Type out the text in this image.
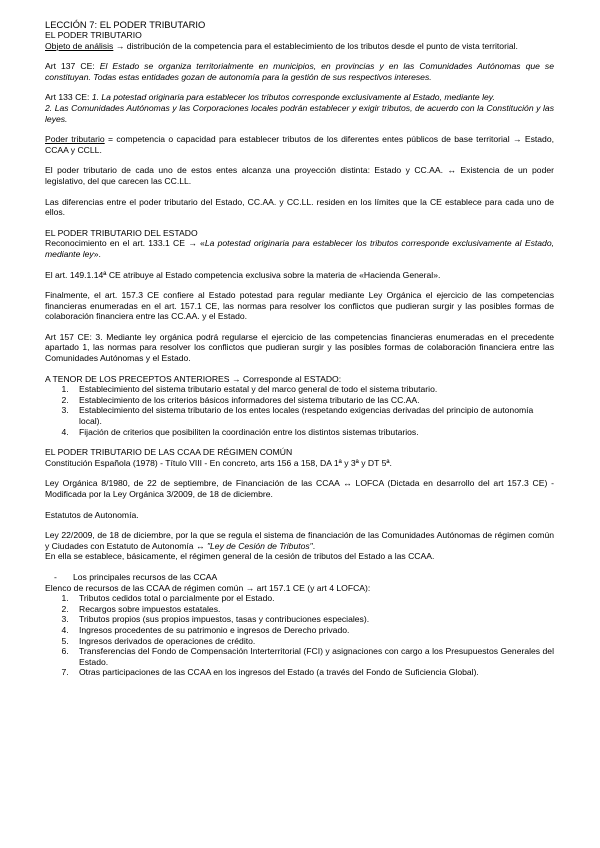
LECCIÓN 7: EL PODER TRIBUTARIO

EL PODER TRIBUTARIO

Objeto de análisis → distribución de la competencia para el establecimiento de los tributos desde el punto de vista territorial.

Art 137 CE: El Estado se organiza territorialmente en municipios, en provincias y en las Comunidades Autónomas que se constituyan. Todas estas entidades gozan de autonomía para la gestión de sus respectivos intereses.

Art 133 CE: 1. La potestad originaria para establecer los tributos corresponde exclusivamente al Estado, mediante ley.

2. Las Comunidades Autónomas y las Corporaciones locales podrán establecer y exigir tributos, de acuerdo con la Constitución y las leyes.

Poder tributario = competencia o capacidad para establecer tributos de los diferentes entes públicos de base territorial → Estado, CCAA y CCLL.

El poder tributario de cada uno de estos entes alcanza una proyección distinta: Estado y CC.AA. ↔ Existencia de un poder legislativo, del que carecen las CC.LL.

Las diferencias entre el poder tributario del Estado, CC.AA. y CC.LL. residen en los límites que la CE establece para cada uno de ellos.

EL PODER TRIBUTARIO DEL ESTADO

Reconocimiento en el art. 133.1 CE → «La potestad originaria para establecer los tributos corresponde exclusivamente al Estado, mediante ley».

El art. 149.1.14ª CE atribuye al Estado competencia exclusiva sobre la materia de «Hacienda General».

Finalmente, el art. 157.3 CE confiere al Estado potestad para regular mediante Ley Orgánica el ejercicio de las competencias financieras enumeradas en el art. 157.1 CE, las normas para resolver los conflictos que pudieran surgir y las posibles formas de colaboración financiera entre las CC.AA. y el Estado.

Art 157 CE: 3. Mediante ley orgánica podrá regularse el ejercicio de las competencias financieras enumeradas en el precedente apartado 1, las normas para resolver los conflictos que pudieran surgir y las posibles formas de colaboración financiera entre las Comunidades Autónomas y el Estado.

A TENOR DE LOS PRECEPTOS ANTERIORES → Corresponde al ESTADO:

1. Establecimiento del sistema tributario estatal y del marco general de todo el sistema tributario.
2. Establecimiento de los criterios básicos informadores del sistema tributario de las CC.AA.
3. Establecimiento del sistema tributario de los entes locales (respetando exigencias derivadas del principio de autonomía local).
4. Fijación de criterios que posibiliten la coordinación entre los distintos sistemas tributarios.

EL PODER TRIBUTARIO DE LAS CCAA DE RÉGIMEN COMÚN

Constitución Española (1978) - Título VIII - En concreto, arts 156 a 158, DA 1ª y 3ª y DT 5ª.

Ley Orgánica 8/1980, de 22 de septiembre, de Financiación de las CCAA ↔ LOFCA (Dictada en desarrollo del art 157.3 CE) - Modificada por la Ley Orgánica 3/2009, de 18 de diciembre.

Estatutos de Autonomía.

Ley 22/2009, de 18 de diciembre, por la que se regula el sistema de financiación de las Comunidades Autónomas de régimen común y Ciudades con Estatuto de Autonomía ↔ "Ley de Cesión de Tributos".

En ella se establece, básicamente, el régimen general de la cesión de tributos del Estado a las CCAA.

- Los principales recursos de las CCAA

Elenco de recursos de las CCAA de régimen común → art 157.1 CE (y art 4 LOFCA):

1. Tributos cedidos total o parcialmente por el Estado.
2. Recargos sobre impuestos estatales.
3. Tributos propios (sus propios impuestos, tasas y contribuciones especiales).
4. Ingresos procedentes de su patrimonio e ingresos de Derecho privado.
5. Ingresos derivados de operaciones de crédito.
6. Transferencias del Fondo de Compensación Interterritorial (FCI) y asignaciones con cargo a los Presupuestos Generales del Estado.
7. Otras participaciones de las CCAA en los ingresos del Estado (a través del Fondo de Suficiencia Global).
